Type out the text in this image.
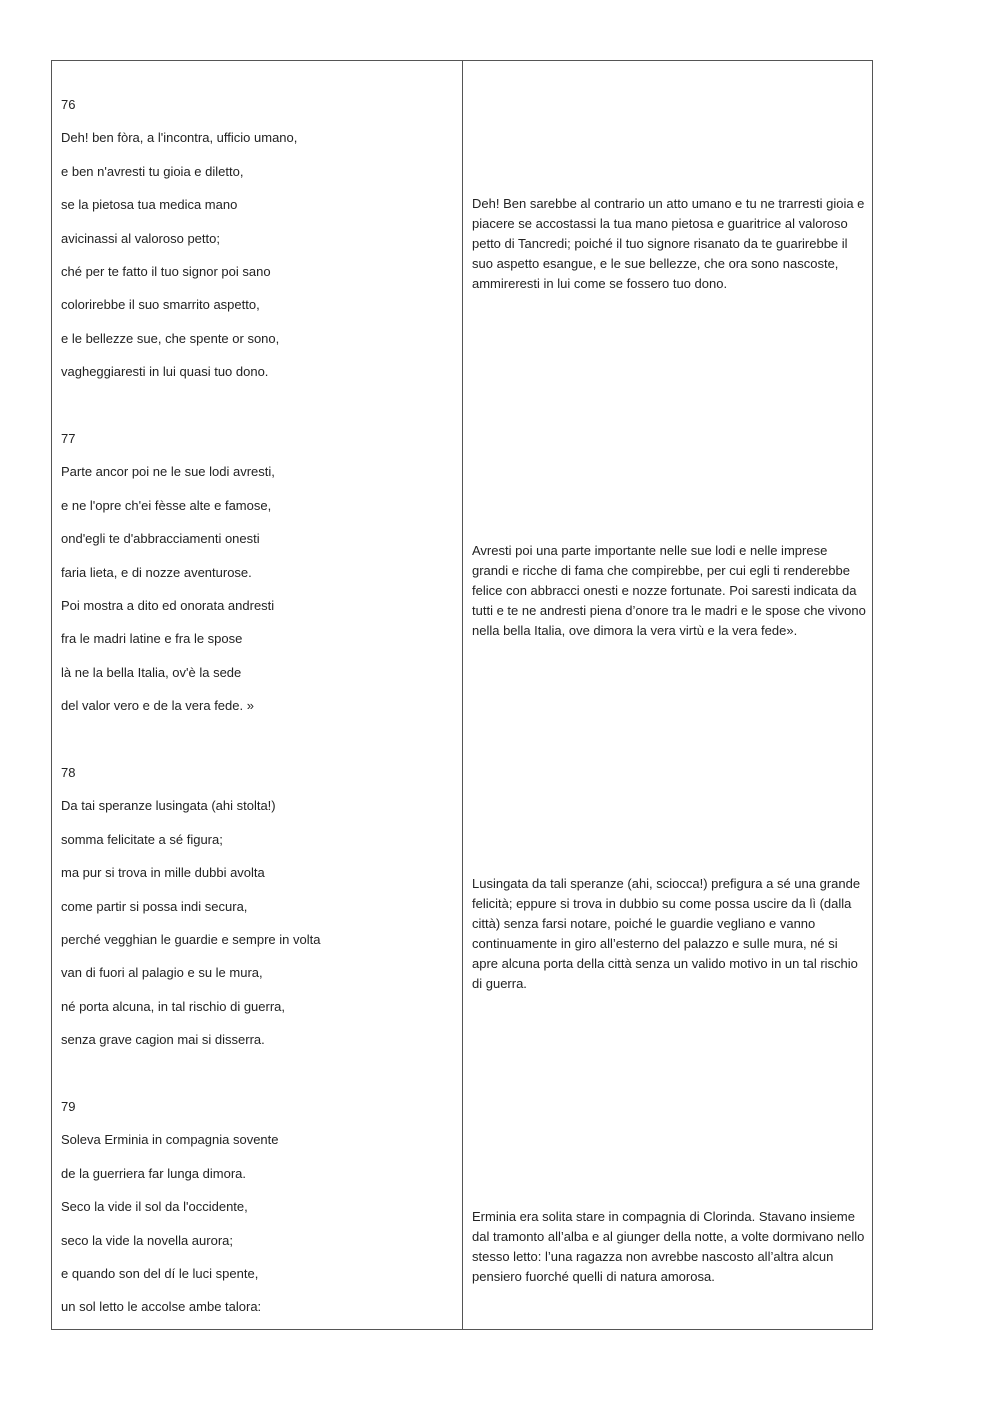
76
Deh! ben fòra, a l'incontra, ufficio umano,
e ben n'avresti tu gioia e diletto,
se la pietosa tua medica mano
avicinassi al valoroso petto;
ché per te fatto il tuo signor poi sano
colorirebbe il suo smarrito aspetto,
e le bellezze sue, che spente or sono,
vagheggiaresti in lui quasi tuo dono.
77
Parte ancor poi ne le sue lodi avresti,
e ne l'opre ch'ei fèsse alte e famose,
ond'egli te d'abbracciamenti onesti
faria lieta, e di nozze aventurose.
Poi mostra a dito ed onorata andresti
fra le madri latine e fra le spose
là ne la bella Italia, ov'è la sede
del valor vero e de la vera fede. »
78
Da tai speranze lusingata (ahi stolta!)
somma felicitate a sé figura;
ma pur si trova in mille dubbi avolta
come partir si possa indi secura,
perché vegghian le guardie e sempre in volta
van di fuori al palagio e su le mura,
né porta alcuna, in tal rischio di guerra,
senza grave cagion mai si disserra.
79
Soleva Erminia in compagnia sovente
de la guerriera far lunga dimora.
Seco la vide il sol da l'occidente,
seco la vide la novella aurora;
e quando son del dí le luci spente,
un sol letto le accolse ambe talora:
Deh! Ben sarebbe al contrario un atto umano e tu ne trarresti gioia e piacere se accostassi la tua mano pietosa e guaritrice al valoroso petto di Tancredi; poiché il tuo signore risanato da te guarirebbe il suo aspetto esangue, e le sue bellezze, che ora sono nascoste, ammireresti in lui come se fossero tuo dono.
Avresti poi una parte importante nelle sue lodi e nelle imprese grandi e ricche di fama che compirebbe, per cui egli ti renderebbe felice con abbracci onesti e nozze fortunate. Poi saresti indicata da tutti e te ne andresti piena d’onore tra le madri e le spose che vivono nella bella Italia, ove dimora la vera virtù e la vera fede».
Lusingata da tali speranze (ahi, sciocca!) prefigura a sé una grande felicità; eppure si trova in dubbio su come possa uscire da lì (dalla città) senza farsi notare, poiché le guardie vegliano e vanno continuamente in giro all’esterno del palazzo e sulle mura, né si apre alcuna porta della città senza un valido motivo in un tal rischio di guerra.
Erminia era solita stare in compagnia di Clorinda. Stavano insieme dal tramonto all’alba e al giunger della notte, a volte dormivano nello stesso letto: l’una ragazza non avrebbe nascosto all’altra alcun pensiero fuorché quelli di natura amorosa.
